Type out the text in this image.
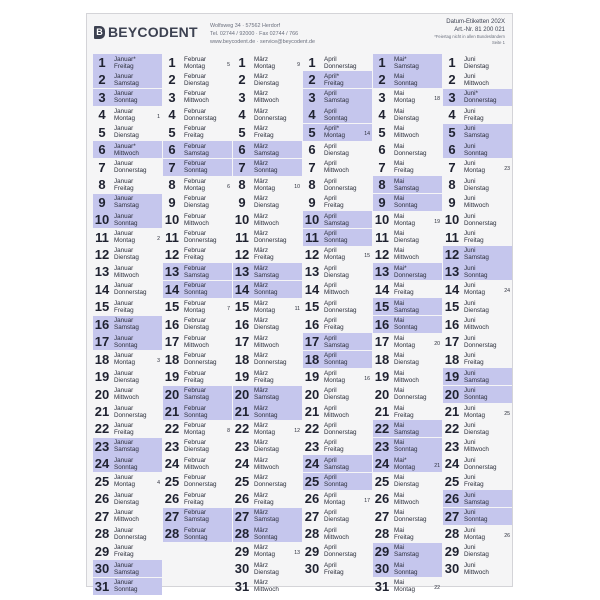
B BEYCODENT Wolfsweg 34 · 57562 Herdorf
Tel. 02744 / 92000 · Fax 02744 / 766
www.beycodent.de · service@beycodent.de
Datum-Etiketten 202X
Art.-Nr. 81 200 021
*Feiertag nicht in allen Bundesländern
Seite 1
1	Januar*
Freitag
2	Januar
Samstag
3	Januar
Sonntag
4	Januar
Montag	1
5	Januar
Dienstag
6	Januar*
Mittwoch
7	Januar
Donnerstag
8	Januar
Freitag
9	Januar
Samstag
10 Januar
Sonntag
11 Januar
Montag	2
12 Januar
Dienstag
13 Januar
Mittwoch
14 Januar
Donnerstag
15 Januar
Freitag
16 Januar
Samstag
17 Januar
Sonntag
18 Januar
Montag	3
19 Januar
Dienstag
20 Januar
Mittwoch
21 Januar
Donnerstag
22 Januar
Freitag
23 Januar
Samstag
24 Januar
Sonntag
25 Januar
Montag	4
26 Januar
Dienstag
27 Januar
Mittwoch
28 Januar
Donnerstag
29 Januar
Freitag
30 Januar
Samstag
31 Januar
Sonntag
1	Februar
Montag	5
2	Februar
Dienstag
3	Februar
Mittwoch
4	Februar
Donnerstag
5	Februar
Freitag
6	Februar
Samstag
7	Februar
Sonntag
8	Februar
Montag	6
9	Februar
Dienstag
10 Februar
Mittwoch
11 Februar
Donnerstag
12 Februar
Freitag
13 Februar
Samstag
14 Februar
Sonntag
15 Februar
Montag	7
16 Februar
Dienstag
17 Februar
Mittwoch
18 Februar
Donnerstag
19 Februar
Freitag
20 Februar
Samstag
21 Februar
Sonntag
22 Februar
Montag	8
23 Februar
Dienstag
24 Februar
Mittwoch
25 Februar
Donnerstag
26 Februar
Freitag
27 Februar
Samstag
28 Februar
Sonntag
1	März
Montag	9
2	März
Dienstag
3	März
Mittwoch
4	März
Donnerstag
5	März
Freitag
6	März
Samstag
7	März
Sonntag
8	März
Montag	10
9	März
Dienstag
10 März
Mittwoch
11 März
Donnerstag
12 März
Freitag
13 März
Samstag
14 März
Sonntag
15 März
Montag	11
16 März
Dienstag
17 März
Mittwoch
18 März
Donnerstag
19 März
Freitag
20 März
Samstag
21 März
Sonntag
22 März
Montag	12
23 März
Dienstag
24 März
Mittwoch
25 März
Donnerstag
26 März
Freitag
27 März
Samstag
28 März
Sonntag
29 März
Montag	13
30 März
Dienstag
31 März
Mittwoch
1	April
Donnerstag
2	April*
Freitag
3	April
Samstag
4	April
Sonntag
5	April*
Montag	14
6	April
Dienstag
7	April
Mittwoch
8	April
Donnerstag
9	April
Freitag
10 April
Samstag
11 April
Sonntag
12 April
Montag	15
13 April
Dienstag
14 April
Mittwoch
15 April
Donnerstag
16 April
Freitag
17 April
Samstag
18 April
Sonntag
19 April
Montag	16
20 April
Dienstag
21 April
Mittwoch
22 April
Donnerstag
23 April
Freitag
24 April
Samstag
25 April
Sonntag
26 April
Montag	17
27 April
Dienstag
28 April
Mittwoch
29 April
Donnerstag
30 April
Freitag
1	Mai*
Samstag
2	Mai
Sonntag
3	Mai
Montag	18
4	Mai
Dienstag
5	Mai
Mittwoch
6	Mai
Donnerstag
7	Mai
Freitag
8	Mai
Samstag
9	Mai
Sonntag
10 Mai
Montag	19
11 Mai
Dienstag
12 Mai
Mittwoch
13 Mai*
Donnerstag
14 Mai
Freitag
15 Mai
Samstag
16 Mai
Sonntag
17 Mai
Montag	20
18 Mai
Dienstag
19 Mai
Mittwoch
20 Mai
Donnerstag
21 Mai
Freitag
22 Mai
Samstag
23 Mai
Sonntag
24 Mai*
Montag	21
25 Mai
Dienstag
26 Mai
Mittwoch
27 Mai
Donnerstag
28 Mai
Freitag
29 Mai
Samstag
30 Mai
Sonntag
31 Mai
Montag	22
1	Juni
Dienstag
2	Juni
Mittwoch
3	Juni*
Donnerstag
4	Juni
Freitag
5	Juni
Samstag
6	Juni
Sonntag
7	Juni
Montag	23
8	Juni
Dienstag
9	Juni
Mittwoch
10 Juni
Donnerstag
11 Juni
Freitag
12 Juni
Samstag
13 Juni
Sonntag
14 Juni
Montag	24
15 Juni
Dienstag
16 Juni
Mittwoch
17 Juni
Donnerstag
18 Juni
Freitag
19 Juni
Samstag
20 Juni
Sonntag
21 Juni
Montag	25
22 Juni
Dienstag
23 Juni
Mittwoch
24 Juni
Donnerstag
25 Juni
Freitag
26 Juni
Samstag
27 Juni
Sonntag
28 Juni
Montag	26
29 Juni
Dienstag
30 Juni
Mittwoch
